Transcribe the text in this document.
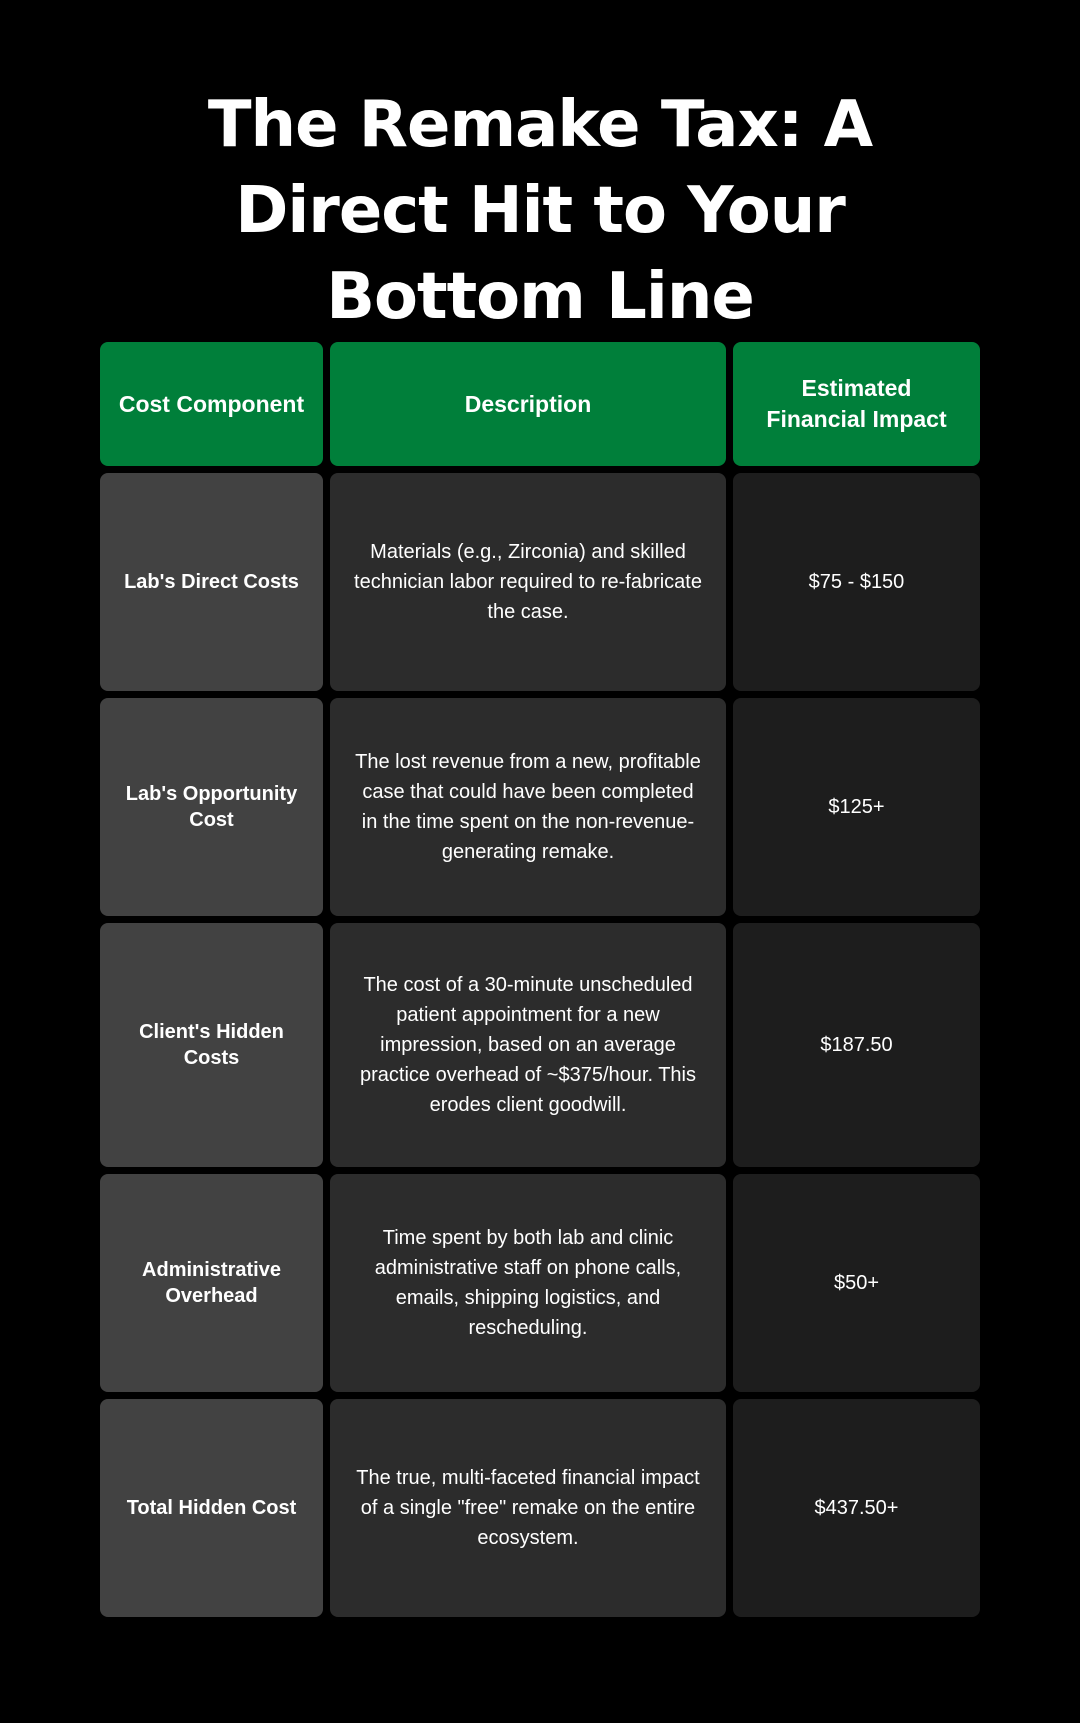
The Remake Tax: A Direct Hit to Your Bottom Line
Cost Component	Description
Estimated Financial Impact
Lab's Direct Costs
Materials (e.g., Zirconia) and skilled technician labor required to re-fabricate the case.
$75 - $150
Lab's Opportunity Cost
The lost revenue from a new, profitable case that could have been completed in the time spent on the non-revenue-generating remake.
$125+
Client's Hidden Costs
The cost of a 30-minute unscheduled patient appointment for a new impression, based on an average practice overhead of ~$375/hour. This erodes client goodwill.
$187.50
Administrative Overhead
Time spent by both lab and clinic administrative staff on phone calls, emails, shipping logistics, and rescheduling.
$50+
Total Hidden Cost
The true, multi-faceted financial impact of a single "free" remake on the entire ecosystem.
$437.50+
